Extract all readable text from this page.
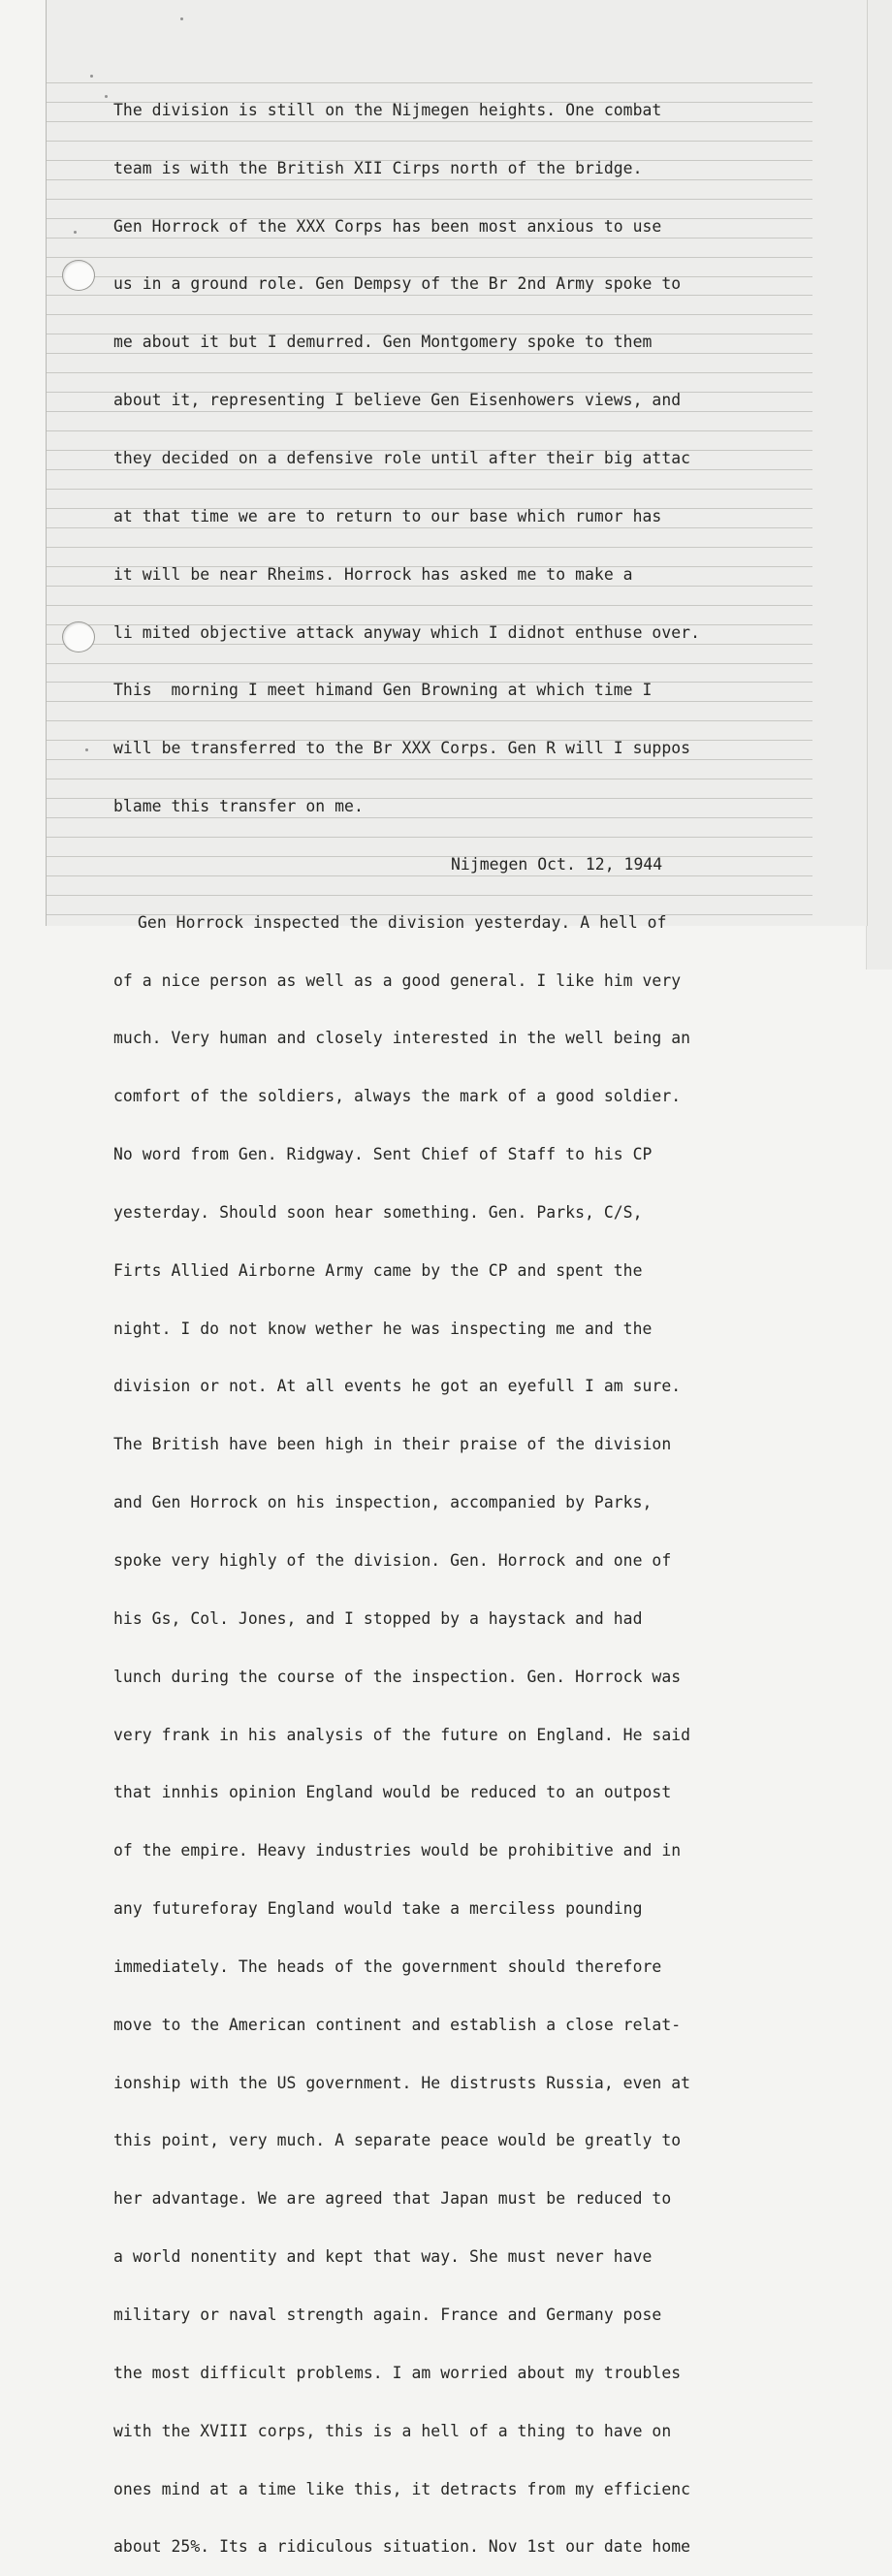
The division is still on the Nijmegen heights. One combat

team is with the British XII Cirps north of the bridge.

Gen Horrock of the XXX Corps has been most anxious to use

us in a ground role. Gen Dempsy of the Br 2nd Army spoke to

me about it but I demurred. Gen Montgomery spoke to them

about it, representing I believe Gen Eisenhowers views, and

they decided on a defensive role until after their big attac

at that time we are to return to our base which rumor has

it will be near Rheims. Horrock has asked me to make a

li mited objective attack anyway which I didnot enthuse over.

This  morning I meet himand Gen Browning at which time I

will be transferred to the Br XXX Corps. Gen R will I suppos

blame this transfer on me.

Nijmegen Oct. 12, 1944

Gen Horrock inspected the division yesterday. A hell of

of a nice person as well as a good general. I like him very

much. Very human and closely interested in the well being an

comfort of the soldiers, always the mark of a good soldier.

No word from Gen. Ridgway. Sent Chief of Staff to his CP

yesterday. Should soon hear something. Gen. Parks, C/S,

Firts Allied Airborne Army came by the CP and spent the

night. I do not know wether he was inspecting me and the

division or not. At all events he got an eyefull I am sure.

The British have been high in their praise of the division

and Gen Horrock on his inspection, accompanied by Parks,

spoke very highly of the division. Gen. Horrock and one of

his Gs, Col. Jones, and I stopped by a haystack and had

lunch during the course of the inspection. Gen. Horrock was

very frank in his analysis of the future on England. He said

that innhis opinion England would be reduced to an outpost

of the empire. Heavy industries would be prohibitive and in

any futureforay England would take a merciless pounding

immediately. The heads of the government should therefore

move to the American continent and establish a close relat-

ionship with the US government. He distrusts Russia, even at

this point, very much. A separate peace would be greatly to

her advantage. We are agreed that Japan must be reduced to

a world nonentity and kept that way. She must never have

military or naval strength again. France and Germany pose

the most difficult problems. I am worried about my troubles

with the XVIII corps, this is a hell of a thing to have on

ones mind at a time like this, it detracts from my efficienc

about 25%. Its a ridiculous situation. Nov 1st our date home
